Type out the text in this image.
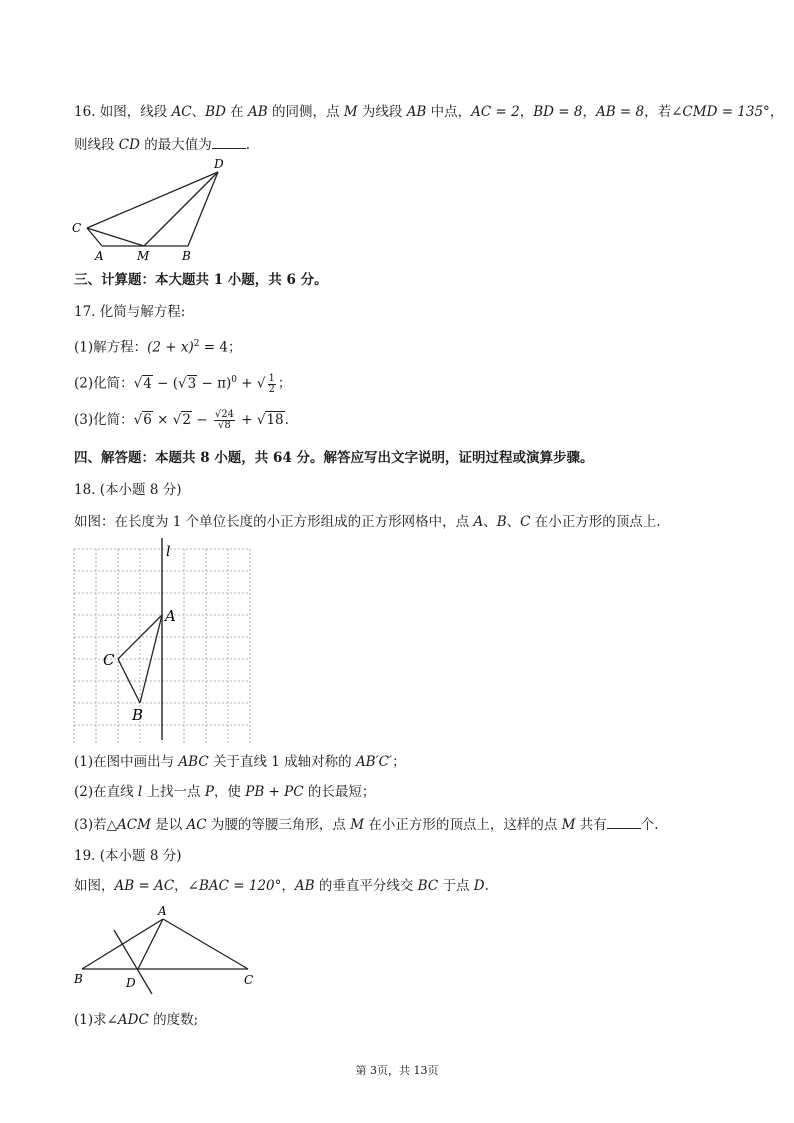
16. 如图，线段 AC、BD 在 AB 的同侧，点 M 为线段 AB 中点，AC = 2，BD = 8，AB = 8，若∠CMD = 135°，
则线段 CD 的最大值为	.
D
C
A	M	B
三、计算题：本大题共 1 小题，共 6 分。
17. 化简与解方程:
(1)解方程：$(2 + x)^2 = 4$；
(2)化简：$√4 - (√3 - \pi)^0$ + √ $\frac{1}{2}$ ；
(3)化简：$√6 \times √2 - \frac{√24}{√8} + √18$.
四、解答题：本题共 8 小题，共 64 分。解答应写出文字说明，证明过程或演算步骤。
18. (本小题 8 分)
如图：在长度为 1 个单位长度的小正方形组成的正方形网格中，点 A、B、C 在小正方形的顶点上.
l
A
C
B
(1)在图中画出与 ABC 关于直线 1 成轴对称的 AB′C′；
(2)在直线 l 上找一点 P，使 PB + PC 的长最短；
(3)若△ACM 是以 AC 为腰的等腰三角形，点 M 在小正方形的顶点上，这样的点 M 共有	个.
19. (本小题 8 分)
如图，AB = AC，∠BAC = 120°，AB 的垂直平分线交 BC 于点 D.
A
B	D	C
(1)求∠ADC 的度数;
第 3页，共 13页
